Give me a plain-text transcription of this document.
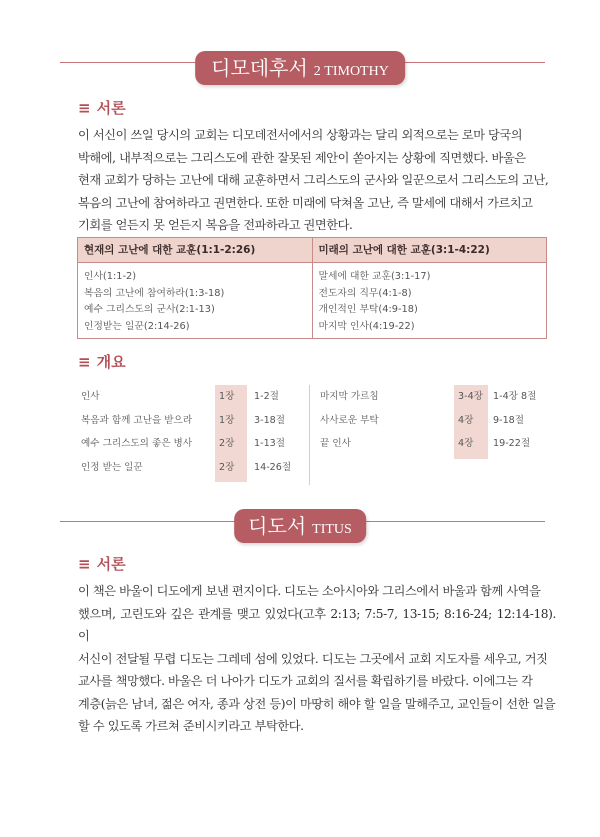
디모데후서 2 TIMOTHY
≡ 서론
이 서신이 쓰일 당시의 교회는 디모데전서에서의 상황과는 달리 외적으로는 로마 당국의
박해에, 내부적으로는 그리스도에 관한 잘못된 제안이 쏟아지는 상황에 직면했다. 바울은
현재 교회가 당하는 고난에 대해 교훈하면서 그리스도의 군사와 일꾼으로서 그리스도의 고난,
복음의 고난에 참여하라고 권면한다. 또한 미래에 닥쳐올 고난, 즉 말세에 대해서 가르치고
기회를 얻든지 못 얻든지 복음을 전파하라고 권면한다.
현재의 고난에 대한 교훈(1:1-2:26)
인사(1:1-2)
복음의 고난에 참여하라(1:3-18)
예수 그리스도의 군사(2:1-13)
인정받는 일꾼(2:14-26)
미래의 고난에 대한 교훈(3:1-4:22)
말세에 대한 교훈(3:1-17)
전도자의 직무(4:1-8)
개인적인 부탁(4:9-18)
마지막 인사(4:19-22)
≡ 개요
인사	1장 1-2절
복음과 함께 고난을 받으라	1장 3-18절
예수 그리스도의 좋은 병사	2장 1-13절
인정 받는 일꾼	2장 14-26절
마지막 가르침	3-4장 1-4장 8절
사사로운 부탁	4장 9-18절
끝 인사	4장 19-22절
디도서 TITUS
≡ 서론
이 책은 바울이 디도에게 보낸 편지이다. 디도는 소아시아와 그리스에서 바울과 함께 사역을
했으며, 고린도와 깊은 관계를 맺고 있었다(고후 2:13; 7:5-7, 13-15; 8:16-24; 12:14-18). 이
서신이 전달될 무렵 디도는 그레데 섬에 있었다. 디도는 그곳에서 교회 지도자를 세우고, 거짓
교사를 책망했다. 바울은 더 나아가 디도가 교회의 질서를 확립하기를 바랐다. 이에그는 각
계층(늙은 남녀, 젊은 여자, 종과 상전 등)이 마땅히 해야 할 일을 말해주고, 교인들이 선한 일을
할 수 있도록 가르쳐 준비시키라고 부탁한다.
